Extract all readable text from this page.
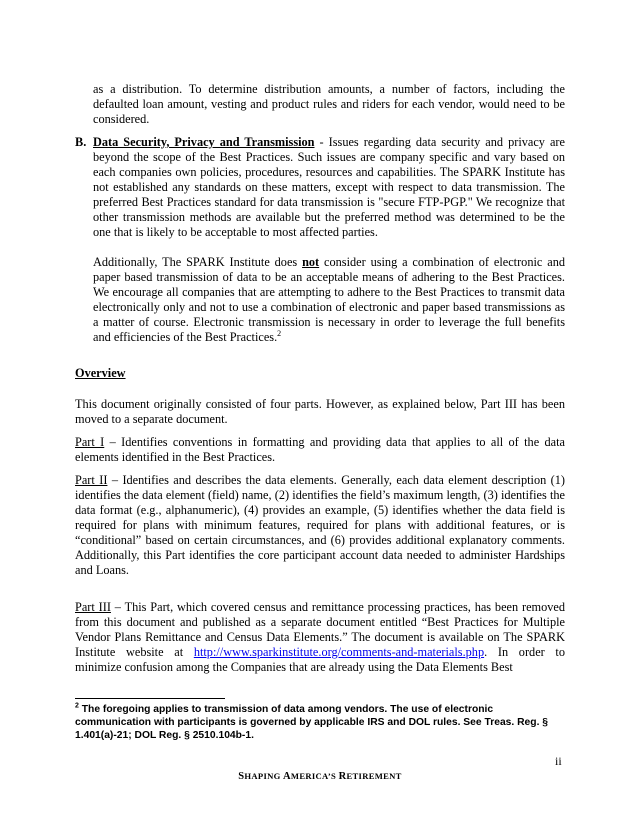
as a distribution. To determine distribution amounts, a number of factors, including the defaulted loan amount, vesting and product rules and riders for each vendor, would need to be considered.

B. Data Security, Privacy and Transmission - Issues regarding data security and privacy are beyond the scope of the Best Practices. Such issues are company specific and vary based on each companies own policies, procedures, resources and capabilities. The SPARK Institute has not established any standards on these matters, except with respect to data transmission. The preferred Best Practices standard for data transmission is "secure FTP-PGP." We recognize that other transmission methods are available but the preferred method was determined to be the one that is likely to be acceptable to most affected parties.

Additionally, The SPARK Institute does not consider using a combination of electronic and paper based transmission of data to be an acceptable means of adhering to the Best Practices. We encourage all companies that are attempting to adhere to the Best Practices to transmit data electronically only and not to use a combination of electronic and paper based transmissions as a matter of course. Electronic transmission is necessary in order to leverage the full benefits and efficiencies of the Best Practices.$^2$

Overview

This document originally consisted of four parts. However, as explained below, Part III has been moved to a separate document.

Part I – Identifies conventions in formatting and providing data that applies to all of the data elements identified in the Best Practices.

Part II – Identifies and describes the data elements. Generally, each data element description (1) identifies the data element (field) name, (2) identifies the field’s maximum length, (3) identifies the data format (e.g., alphanumeric), (4) provides an example, (5) identifies whether the data field is required for plans with minimum features, required for plans with additional features, or is “conditional” based on certain circumstances, and (6) provides additional explanatory comments. Additionally, this Part identifies the core participant account data needed to administer Hardships and Loans.

Part III – This Part, which covered census and remittance processing practices, has been removed from this document and published as a separate document entitled “Best Practices for Multiple Vendor Plans Remittance and Census Data Elements.” The document is available on The SPARK Institute website at http://www.sparkinstitute.org/comments-and-materials.php. In order to minimize confusion among the Companies that are already using the Data Elements Best

$^2$ The foregoing applies to transmission of data among vendors. The use of electronic communication with participants is governed by applicable IRS and DOL rules. See Treas. Reg. § 1.401(a)-21; DOL Reg. § 2510.104b-1.

ii
SHAPING AMERICA’S RETIREMENT
